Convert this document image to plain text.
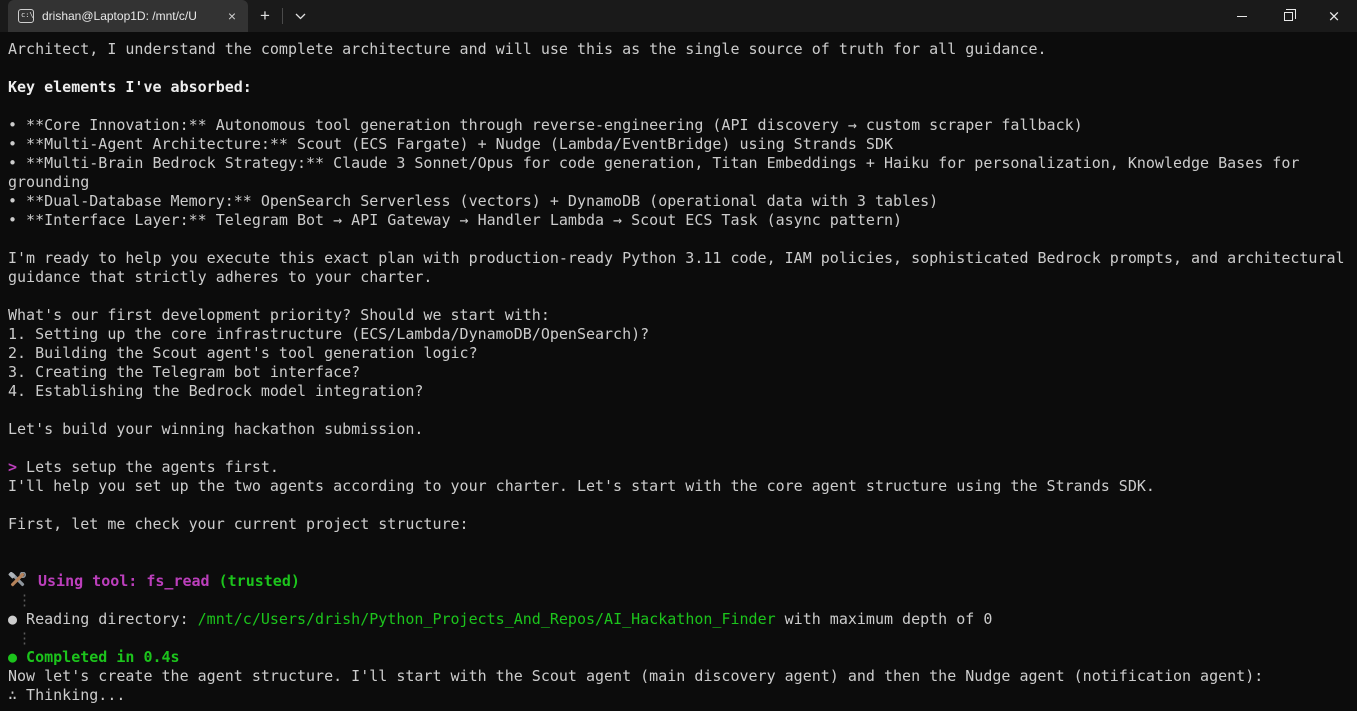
c:\ drishan@Laptop1D: /mnt/c/U	×	+	×
Architect, I understand the complete architecture and will use this as the single source of truth for all guidance.
Key elements I've absorbed:
• **Core Innovation:** Autonomous tool generation through reverse-engineering (API discovery → custom scraper fallback)
• **Multi-Agent Architecture:** Scout (ECS Fargate) + Nudge (Lambda/EventBridge) using Strands SDK
• **Multi-Brain Bedrock Strategy:** Claude 3 Sonnet/Opus for code generation, Titan Embeddings + Haiku for personalization, Knowledge Bases for
grounding
• **Dual-Database Memory:** OpenSearch Serverless (vectors) + DynamoDB (operational data with 3 tables)
• **Interface Layer:** Telegram Bot → API Gateway → Handler Lambda → Scout ECS Task (async pattern)
I'm ready to help you execute this exact plan with production-ready Python 3.11 code, IAM policies, sophisticated Bedrock prompts, and architectural
guidance that strictly adheres to your charter.
What's our first development priority? Should we start with:
1. Setting up the core infrastructure (ECS/Lambda/DynamoDB/OpenSearch)?
2. Building the Scout agent's tool generation logic?
3. Creating the Telegram bot interface?
4. Establishing the Bedrock model integration?
Let's build your winning hackathon submission.
> Lets setup the agents first.
I'll help you set up the two agents according to your charter. Let's start with the core agent structure using the Strands SDK.
First, let me check your current project structure:
Using tool: fs_read (trusted)
⋮
● Reading directory: /mnt/c/Users/drish/Python_Projects_And_Repos/AI_Hackathon_Finder with maximum depth of 0
⋮
● Completed in 0.4s
Now let's create the agent structure. I'll start with the Scout agent (main discovery agent) and then the Nudge agent (notification agent):
∴ Thinking...
